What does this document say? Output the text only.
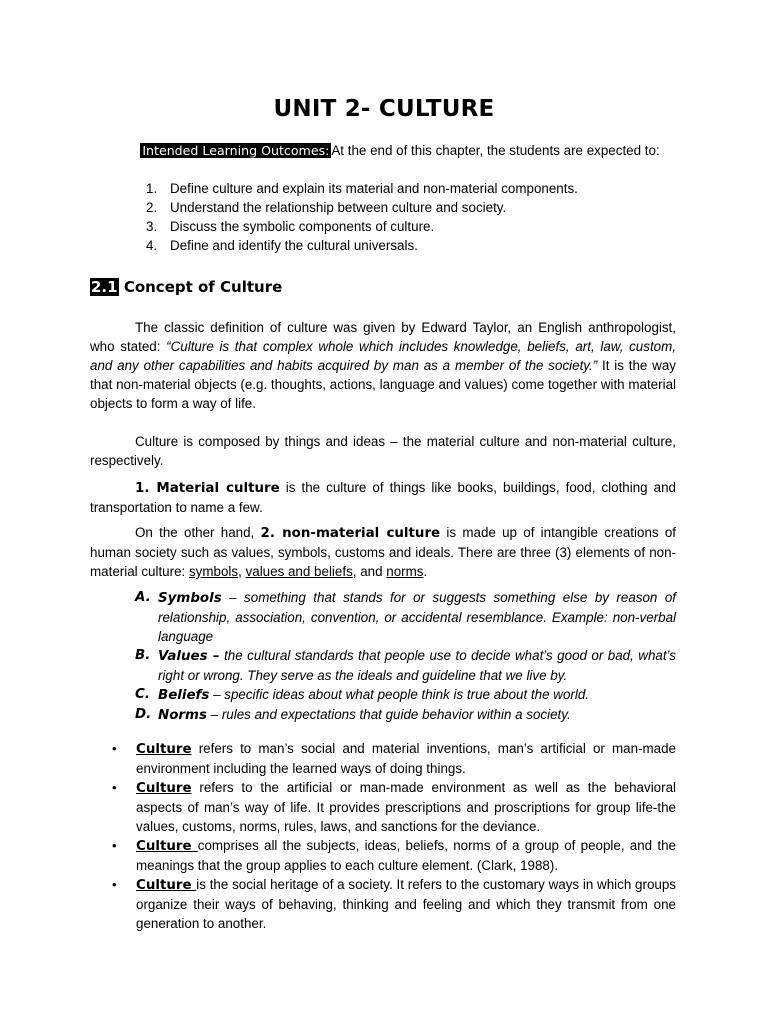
UNIT 2- CULTURE
Intended Learning Outcomes: At the end of this chapter, the students are expected to:
1. Define culture and explain its material and non-material components.
2. Understand the relationship between culture and society.
3. Discuss the symbolic components of culture.
4. Define and identify the cultural universals.
2.1 Concept of Culture

The classic definition of culture was given by Edward Taylor, an English anthropologist, who stated: “Culture is that complex whole which includes knowledge, beliefs, art, law, custom, and any other capabilities and habits acquired by man as a member of the society.” It is the way that non-material objects (e.g. thoughts, actions, language and values) come together with material objects to form a way of life.

Culture is composed by things and ideas – the material culture and non-material culture, respectively.

1. Material culture is the culture of things like books, buildings, food, clothing and transportation to name a few.

On the other hand, 2. non-material culture is made up of intangible creations of human society such as values, symbols, customs and ideals. There are three (3) elements of non-material culture: symbols, values and beliefs, and norms.

A. Symbols – something that stands for or suggests something else by reason of relationship, association, convention, or accidental resemblance. Example: non-verbal language
B. Values – the cultural standards that people use to decide what’s good or bad, what’s right or wrong. They serve as the ideals and guideline that we live by.
C. Beliefs – specific ideas about what people think is true about the world.
D. Norms – rules and expectations that guide behavior within a society.
• Culture refers to man’s social and material inventions, man’s artificial or man-made environment including the learned ways of doing things.
• Culture refers to the artificial or man-made environment as well as the behavioral aspects of man’s way of life. It provides prescriptions and proscriptions for group life-the values, customs, norms, rules, laws, and sanctions for the deviance.
• Culture comprises all the subjects, ideas, beliefs, norms of a group of people, and the meanings that the group applies to each culture element. (Clark, 1988).
• Culture is the social heritage of a society. It refers to the customary ways in which groups organize their ways of behaving, thinking and feeling and which they transmit from one generation to another.
